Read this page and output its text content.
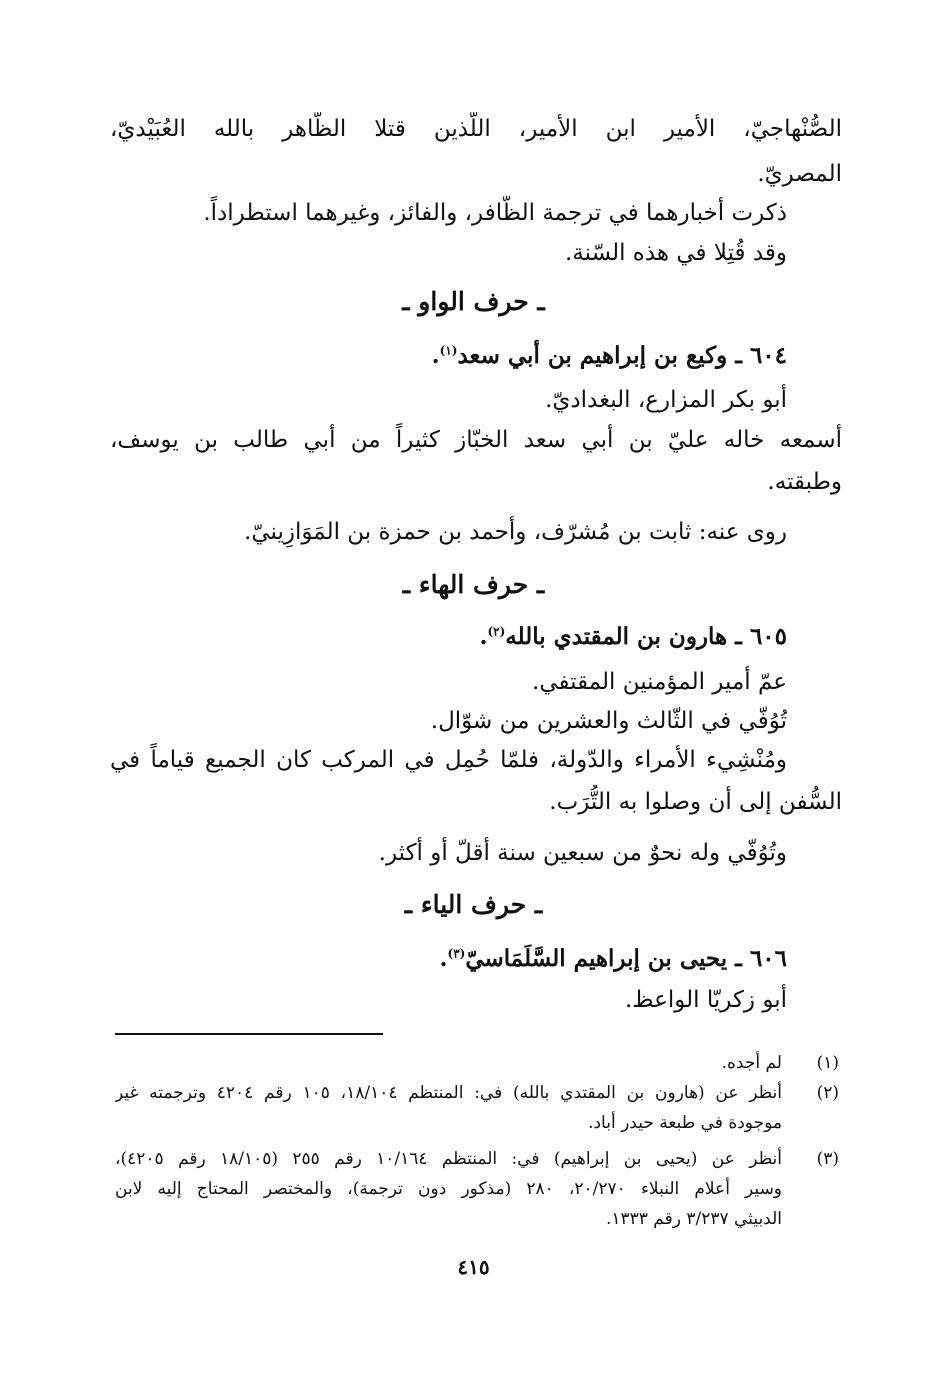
الصُّنْهاجيّ، الأمير ابن الأمير، اللّذين قتلا الظّاهر بالله العُبَيْديّ،
المصريّ.
ذكرت أخبارهما في ترجمة الظّافر، والفائز، وغيرهما استطراداً.
وقد قُتِلا في هذه السّنة.
ـ حرف الواو ـ
٦٠٤ ـ وكيع بن إبراهيم بن أبي سعد$^{(١)}$.
أبو بكر المزارع، البغداديّ.
أسمعه خاله عليّ بن أبي سعد الخبّاز كثيراً من أبي طالب بن يوسف،
وطبقته.
روى عنه: ثابت بن مُشرّف، وأحمد بن حمزة بن المَوَازِينيّ.
ـ حرف الهاء ـ
٦٠٥ ـ هارون بن المقتدي بالله$^{(٢)}$.
عمّ أمير المؤمنين المقتفي.
تُوُفّي في الثّالث والعشرين من شوّال.
ومُنْشِيء الأمراء والدّولة، فلمّا حُمِل في المركب كان الجميع قياماً في
السُّفن إلى أن وصلوا به التُّرَب.
وتُوُفّي وله نحوٌ من سبعين سنة أقلّ أو أكثر.
ـ حرف الياء ـ
٦٠٦ ـ يحيى بن إبراهيم السَّلَمَاسيّ$^{(٣)}$.
أبو زكريّا الواعظ.
(١)
لم أجده.
(٢)
أنظر عن (هارون بن المقتدي بالله) في: المنتظم ١٨/١٠٤، ١٠٥ رقم ٤٢٠٤ وترجمته غير
موجودة في طبعة حيدر أباد.
(٣)
أنظر عن (يحيى بن إبراهيم) في: المنتظم ١٠/١٦٤ رقم ٢٥٥ (١٨/١٠٥ رقم ٤٢٠٥)،
وسير أعلام النبلاء ٢٠/٢٧٠، ٢٨٠ (مذكور دون ترجمة)، والمختصر المحتاج إليه لابن
الدبيثي ٣/٢٣٧ رقم ١٣٣٣.
٤١٥
